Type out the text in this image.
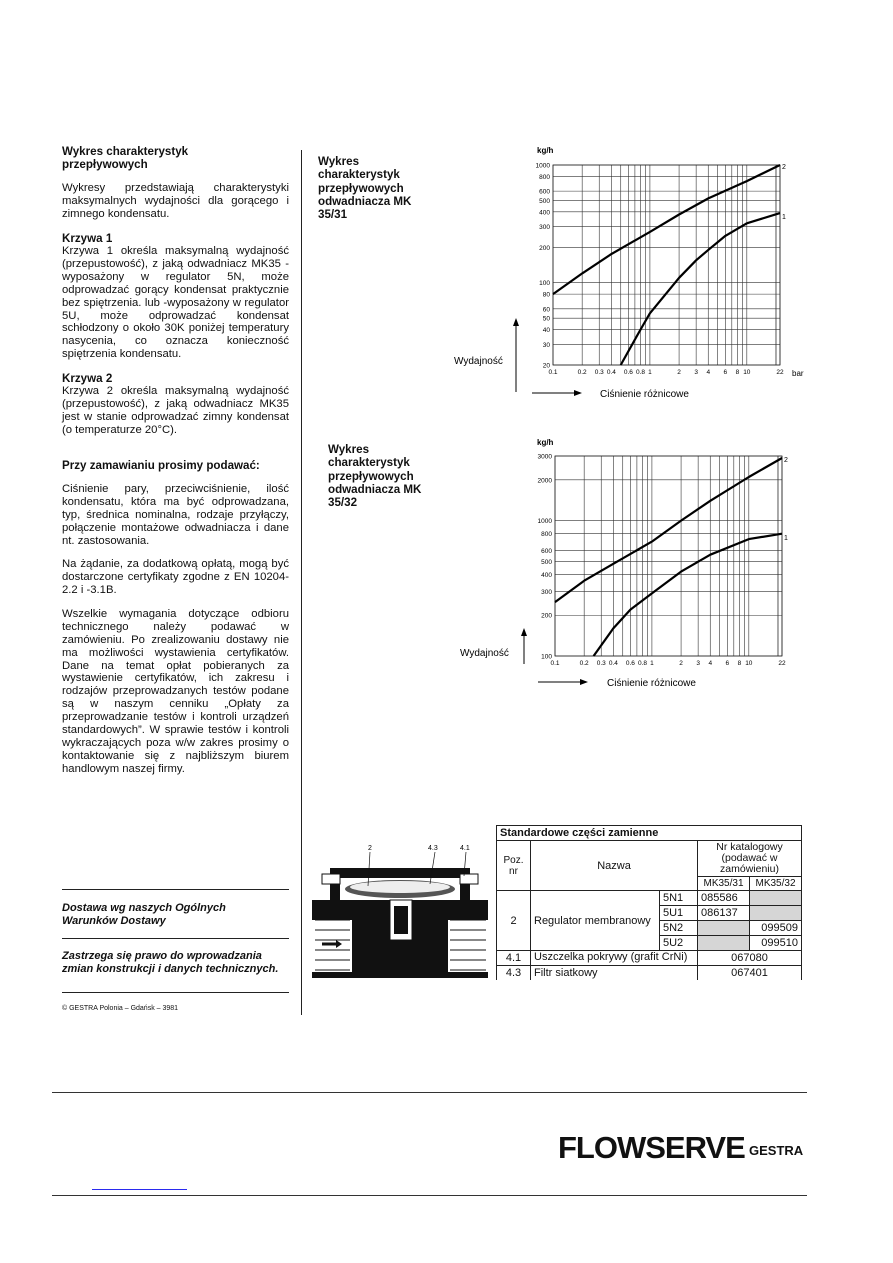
Wykres charakterystyk przepływowych

Wykresy przedstawiają charakterystyki maksymalnych wydajności dla gorącego i zimnego kondensatu.

Krzywa 1

Krzywa 1 określa maksymalną wydajność (przepustowość), z jaką odwadniacz MK35 -wyposażony w regulator 5N, może odprowadzać gorący kondensat praktycznie bez spiętrzenia. lub -wyposażony w regulator 5U, może odprowadzać kondensat schłodzony o około 30K poniżej temperatury nasycenia, co oznacza konieczność spiętrzenia kondensatu.

Krzywa 2

Krzywa 2 określa maksymalną wydajność (przepustowość), z jaką odwadniacz MK35 jest w stanie odprowadzać zimny kondensat (o temperaturze 20°C).

Przy zamawianiu prosimy podawać:

Ciśnienie pary, przeciwciśnienie, ilość kondensatu, która ma być odprowadzana, typ, średnica nominalna, rodzaje przyłączy, połączenie montażowe odwadniacza i dane nt. zastosowania.

Na żądanie, za dodatkową opłatą, mogą być dostarczone certyfikaty zgodne z EN 10204-2.2 i -3.1B.

Wszelkie wymagania dotyczące odbioru technicznego należy podawać w zamówieniu. Po zrealizowaniu dostawy nie ma możliwości wystawienia certyfikatów. Dane na temat opłat pobieranych za wystawienie certyfikatów, ich zakresu i rodzajów przeprowadzanych testów podane są w naszym cenniku „Opłaty za przeprowadzanie testów i kontroli urządzeń standardowych”. W sprawie testów i kontroli wykraczających poza w/w zakres prosimy o kontaktowanie się z najbliższym biurem handlowym naszej firmy.

Dostawa wg naszych Ogólnych Warunków Dostawy
Zastrzega się prawo do wprowadzania zmian konstrukcji i danych technicznych.
© GESTRA Polonia – Gdańsk – 3981
Wykres charakterystyk przepływowych odwadniacza MK 35/31
20
30
40
50
60
80
100
200
300
400
500
600
800
1000
0.1	0.2 0.3 0.4 0.6 0.8 1	2 3 4 6 8 10	22
kg/h
bar
Wydajność
Ciśnienie różnicowe
2
1
Wykres charakterystyk przepływowych odwadniacza MK 35/32
100
200
300
400
500
600
800
1000
2000
3000
0.1	0.2 0.3 0.4 0.6 0.8 1	2 3 4 6 8 10	22
kg/h
Wydajność
Ciśnienie różnicowe
2
1
2	4.3	4.1
Standardowe części zamienne				
Poz. nr	Nazwa		Nr katalogowy (podawać w zamówieniu)	
			MK35/31	MK35/32
2	Regulator membranowy	5N1	085586	
		5U1	086137	
		5N2		099509
		5U2		099510
4.1	Uszczelka pokrywy (grafit CrNi)		067080	
4.3	Filtr siatkowy		067401	
FLOWSERVE GESTRA
